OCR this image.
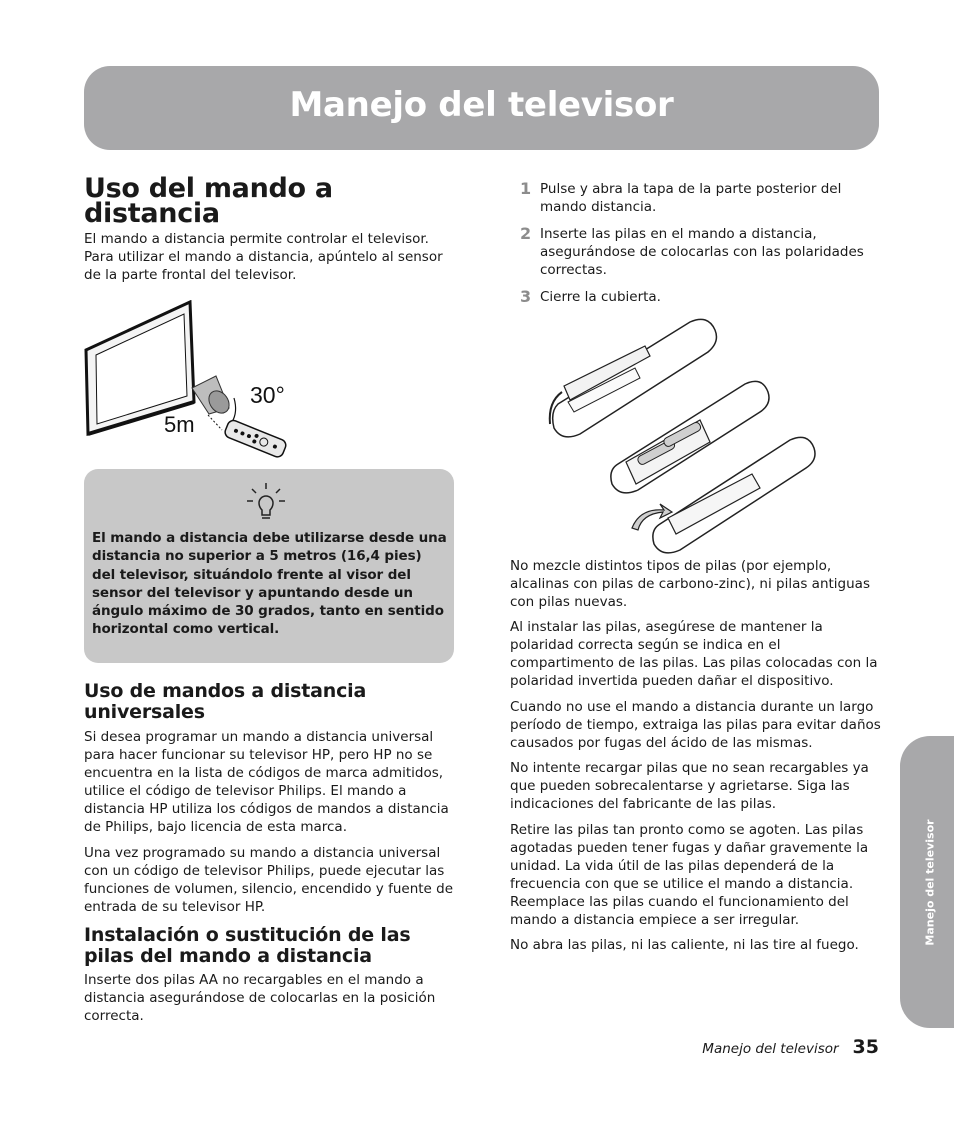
Manejo del televisor
Uso del mando a distancia

El mando a distancia permite controlar el televisor. Para utilizar el mando a distancia, apúntelo al sensor de la parte frontal del televisor.

30°
5m
El mando a distancia debe utilizarse desde una distancia no superior a 5 metros (16,4 pies) del televisor, situándolo frente al visor del sensor del televisor y apuntando desde un ángulo máximo de 30 grados, tanto en sentido horizontal como vertical.
Uso de mandos a distancia universales

Si desea programar un mando a distancia universal para hacer funcionar su televisor HP, pero HP no se encuentra en la lista de códigos de marca admitidos, utilice el código de televisor Philips. El mando a distancia HP utiliza los códigos de mandos a distancia de Philips, bajo licencia de esta marca.

Una vez programado su mando a distancia universal con un código de televisor Philips, puede ejecutar las funciones de volumen, silencio, encendido y fuente de entrada de su televisor HP.

Instalación o sustitución de las pilas del mando a distancia

Inserte dos pilas AA no recargables en el mando a distancia asegurándose de colocarlas en la posición correcta.

1 Pulse y abra la tapa de la parte posterior del mando distancia.

2 Inserte las pilas en el mando a distancia, asegurándose de colocarlas con las polaridades correctas.

3 Cierre la cubierta.

No mezcle distintos tipos de pilas (por ejemplo, alcalinas con pilas de carbono-zinc), ni pilas antiguas con pilas nuevas.

Al instalar las pilas, asegúrese de mantener la polaridad correcta según se indica en el compartimento de las pilas. Las pilas colocadas con la polaridad invertida pueden dañar el dispositivo.

Cuando no use el mando a distancia durante un largo período de tiempo, extraiga las pilas para evitar daños causados por fugas del ácido de las mismas.

No intente recargar pilas que no sean recargables ya que pueden sobrecalentarse y agrietarse. Siga las indicaciones del fabricante de las pilas.

Retire las pilas tan pronto como se agoten. Las pilas agotadas pueden tener fugas y dañar gravemente la unidad. La vida útil de las pilas dependerá de la frecuencia con que se utilice el mando a distancia. Reemplace las pilas cuando el funcionamiento del mando a distancia empiece a ser irregular.

No abra las pilas, ni las caliente, ni las tire al fuego.	Manejo del televisor
Manejo del televisor 35
